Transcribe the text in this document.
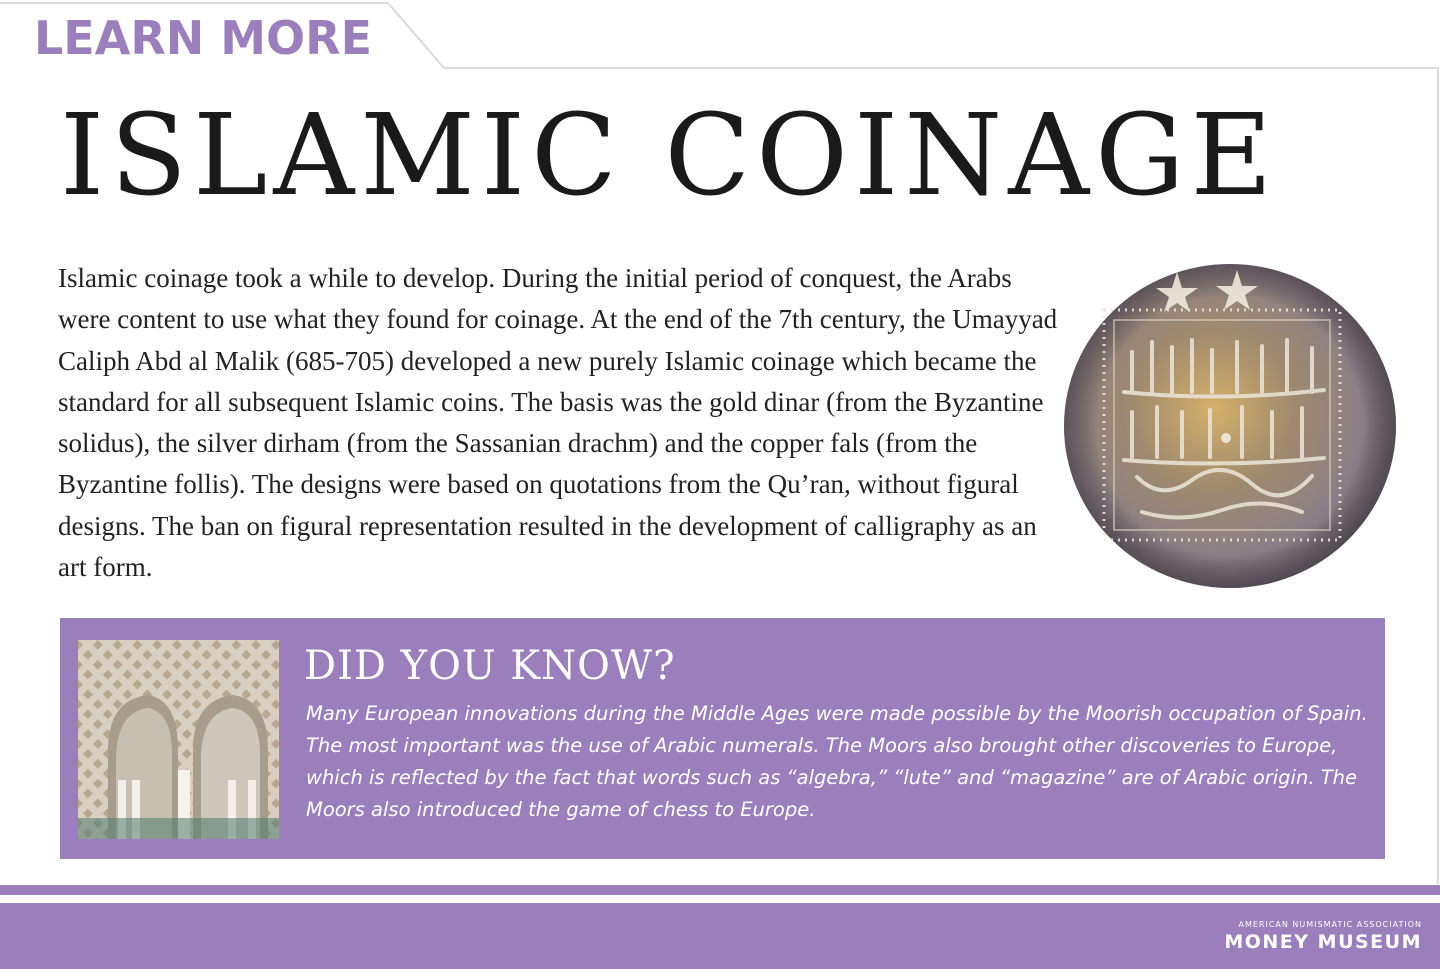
LEARN MORE
ISLAMIC COINAGE

Islamic coinage took a while to develop. During the initial period of conquest, the Arabs were content to use what they found for coinage. At the end of the 7th century, the Umayyad Caliph Abd al Malik (685-705) developed a new purely Islamic coinage which became the standard for all subsequent Islamic coins. The basis was the gold dinar (from the Byzantine solidus), the silver dirham (from the Sassanian drachm) and the copper fals (from the Byzantine follis). The designs were based on quotations from the Qu’ran, without figural designs. The ban on figural representation resulted in the development of calligraphy as an art form.

DID YOU KNOW?

Many European innovations during the Middle Ages were made possible by the Moorish occupation of Spain. The most important was the use of Arabic numerals. The Moors also brought other discoveries to Europe, which is reflected by the fact that words such as “algebra,” “lute” and “magazine” are of Arabic origin. The Moors also introduced the game of chess to Europe.

AMERICAN NUMISMATIC ASSOCIATION
MONEY MUSEUM
